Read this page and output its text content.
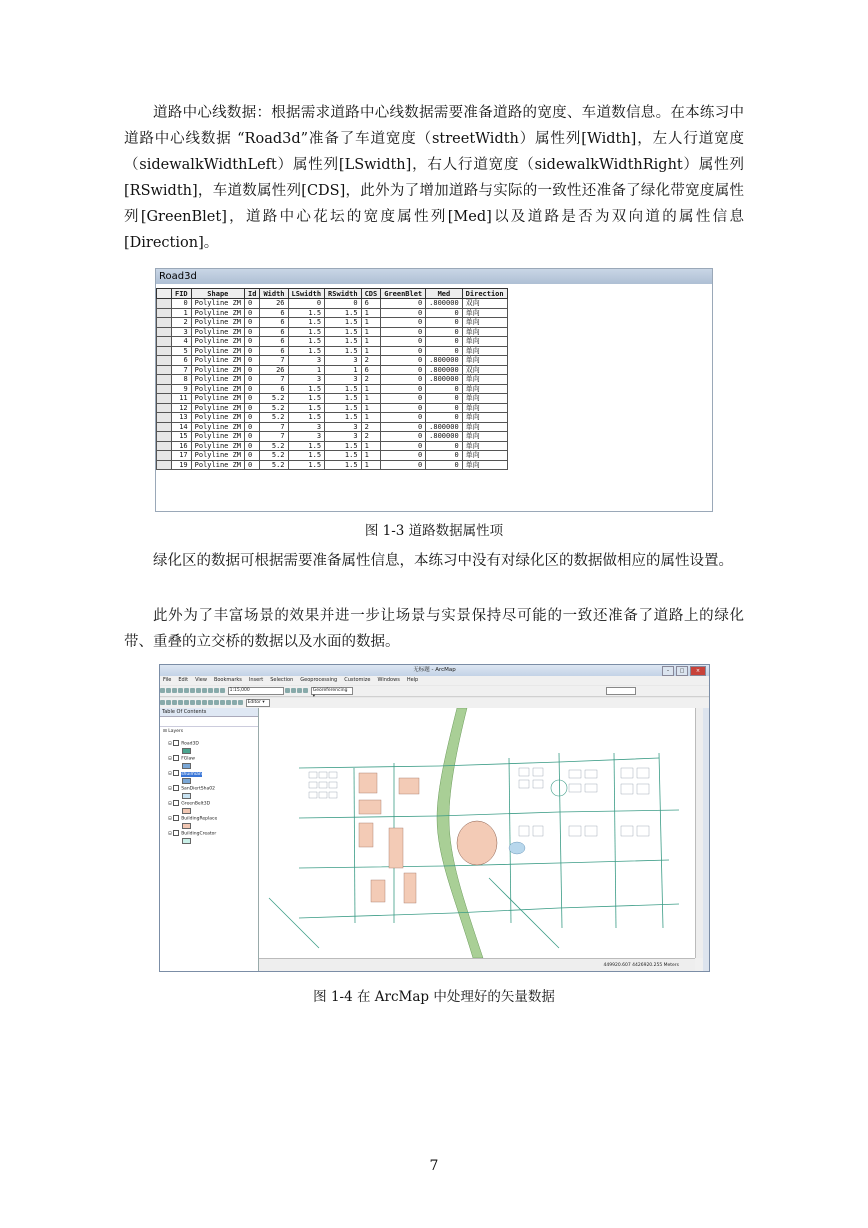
道路中心线数据：根据需求道路中心线数据需要准备道路的宽度、车道数信息。在本练习中道路中心线数据 “Road3d”准备了车道宽度（streetWidth）属性列[Width]，左人行道宽度（sidewalkWidthLeft）属性列[LSwidth]，右人行道宽度（sidewalkWidthRight）属性列[RSwidth]，车道数属性列[CDS]，此外为了增加道路与实际的一致性还准备了绿化带宽度属性列[GreenBlet]，道路中心花坛的宽度属性列[Med]以及道路是否为双向道的属性信息[Direction]。
Road3d
	FID	Shape	Id	Width	LSwidth	RSwidth	CDS	GreenBlet	Med	Direction
	0	Polyline ZM	0	26	0	0	6	0	.800000	双向
	1	Polyline ZM	0	6	1.5	1.5	1	0	0	单向
	2	Polyline ZM	0	6	1.5	1.5	1	0	0	单向
	3	Polyline ZM	0	6	1.5	1.5	1	0	0	单向
	4	Polyline ZM	0	6	1.5	1.5	1	0	0	单向
	5	Polyline ZM	0	6	1.5	1.5	1	0	0	单向
	6	Polyline ZM	0	7	3	3	2	0	.800000	单向
	7	Polyline ZM	0	26	1	1	6	0	.800000	双向
	8	Polyline ZM	0	7	3	3	2	0	.800000	单向
	9	Polyline ZM	0	6	1.5	1.5	1	0	0	单向
	11	Polyline ZM	0	5.2	1.5	1.5	1	0	0	单向
	12	Polyline ZM	0	5.2	1.5	1.5	1	0	0	单向
	13	Polyline ZM	0	5.2	1.5	1.5	1	0	0	单向
	14	Polyline ZM	0	7	3	3	2	0	.800000	单向
	15	Polyline ZM	0	7	3	3	2	0	.800000	单向
	16	Polyline ZM	0	5.2	1.5	1.5	1	0	0	单向
	17	Polyline ZM	0	5.2	1.5	1.5	1	0	0	单向
	19	Polyline ZM	0	5.2	1.5	1.5	1	0	0	单向
图 1-3 道路数据属性项
绿化区的数据可根据需要准备属性信息，本练习中没有对绿化区的数据做相应的属性设置。
此外为了丰富场景的效果并进一步让场景与实景保持尽可能的一致还准备了道路上的绿化带、重叠的立交桥的数据以及水面的数据。
无标题 - ArcMap	–	□	×
File Edit View Bookmarks Insert Selection Geoprocessing Customize Windows Help
1:15,000	Georeferencing ▾
Editor ▾
Table Of Contents
⊟ Layers
⊟ Road3D
⊟ FGlaw
⊟ shuimian
⊟ SanDiertSha02
⊟ GreenBelt3D
⊟ BuildingReplace
⊟ BuildingCreator
449920.607 4426920.255 Meters
图 1-4 在 ArcMap 中处理好的矢量数据
7
